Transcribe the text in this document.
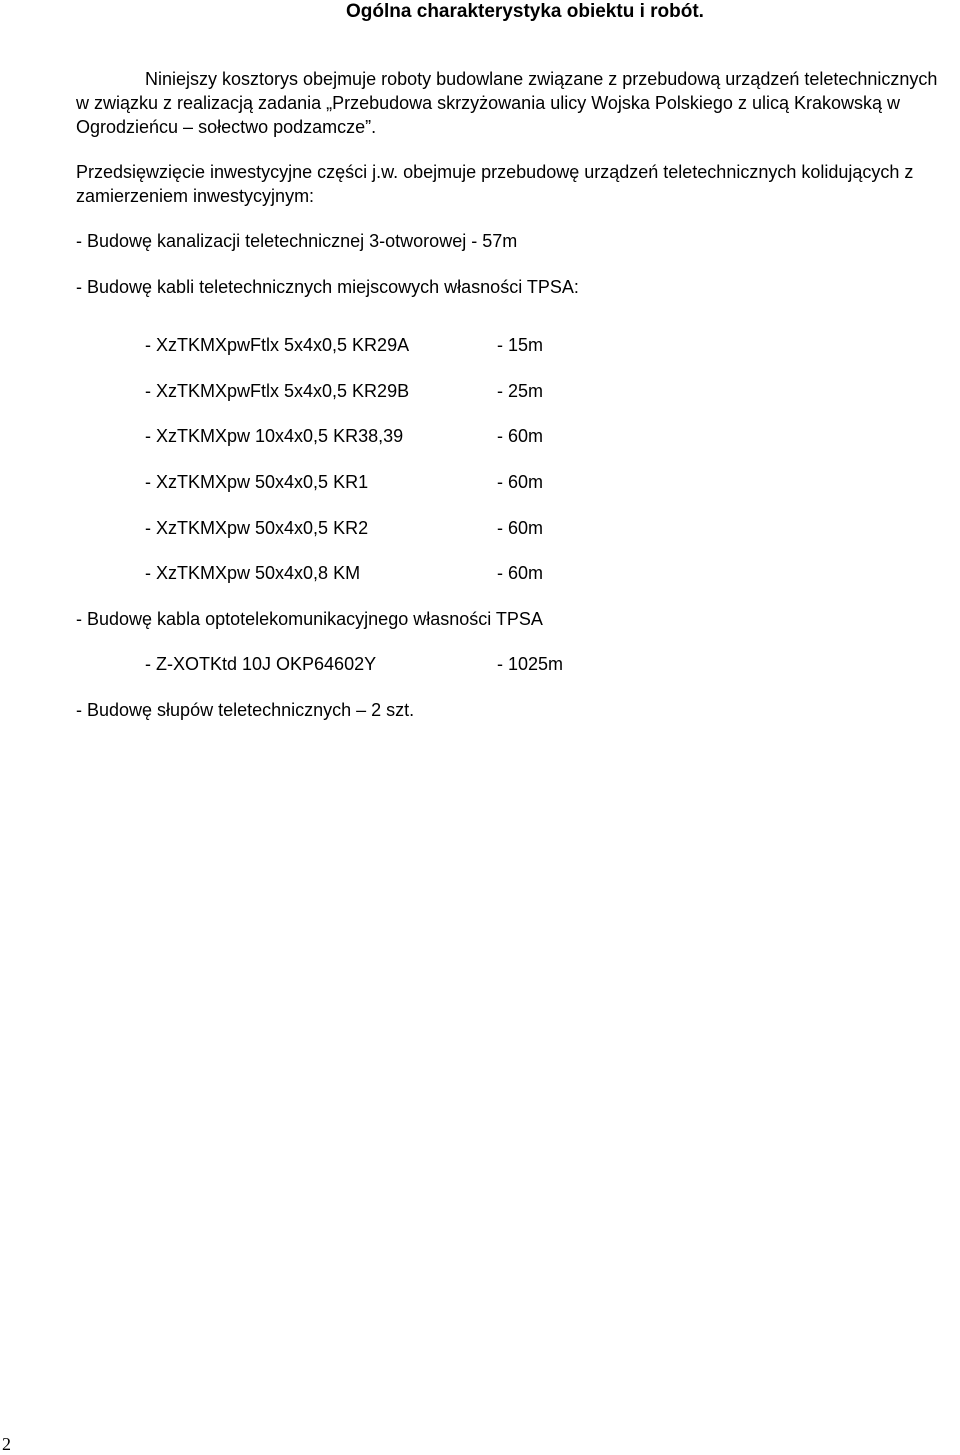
Ogólna charakterystyka obiektu i robót.
Niniejszy kosztorys obejmuje roboty budowlane związane z przebudową urządzeń teletechnicznych w związku z realizacją zadania „Przebudowa skrzyżowania ulicy Wojska Polskiego z ulicą Krakowską w Ogrodzieńcu – sołectwo podzamcze”.
Przedsięwzięcie inwestycyjne części j.w. obejmuje przebudowę urządzeń teletechnicznych kolidujących z zamierzeniem inwestycyjnym:
- Budowę kanalizacji teletechnicznej 3-otworowej - 57m
- Budowę kabli teletechnicznych miejscowych własności TPSA:
- XzTKMXpwFtlx 5x4x0,5 KR29A	- 15m
- XzTKMXpwFtlx 5x4x0,5 KR29B	- 25m
- XzTKMXpw 10x4x0,5 KR38,39	- 60m
- XzTKMXpw 50x4x0,5 KR1	- 60m
- XzTKMXpw 50x4x0,5 KR2	- 60m
- XzTKMXpw 50x4x0,8 KM	- 60m
- Budowę kabla optotelekomunikacyjnego własności TPSA
- Z-XOTKtd 10J OKP64602Y	- 1025m
- Budowę słupów teletechnicznych – 2 szt.
2
